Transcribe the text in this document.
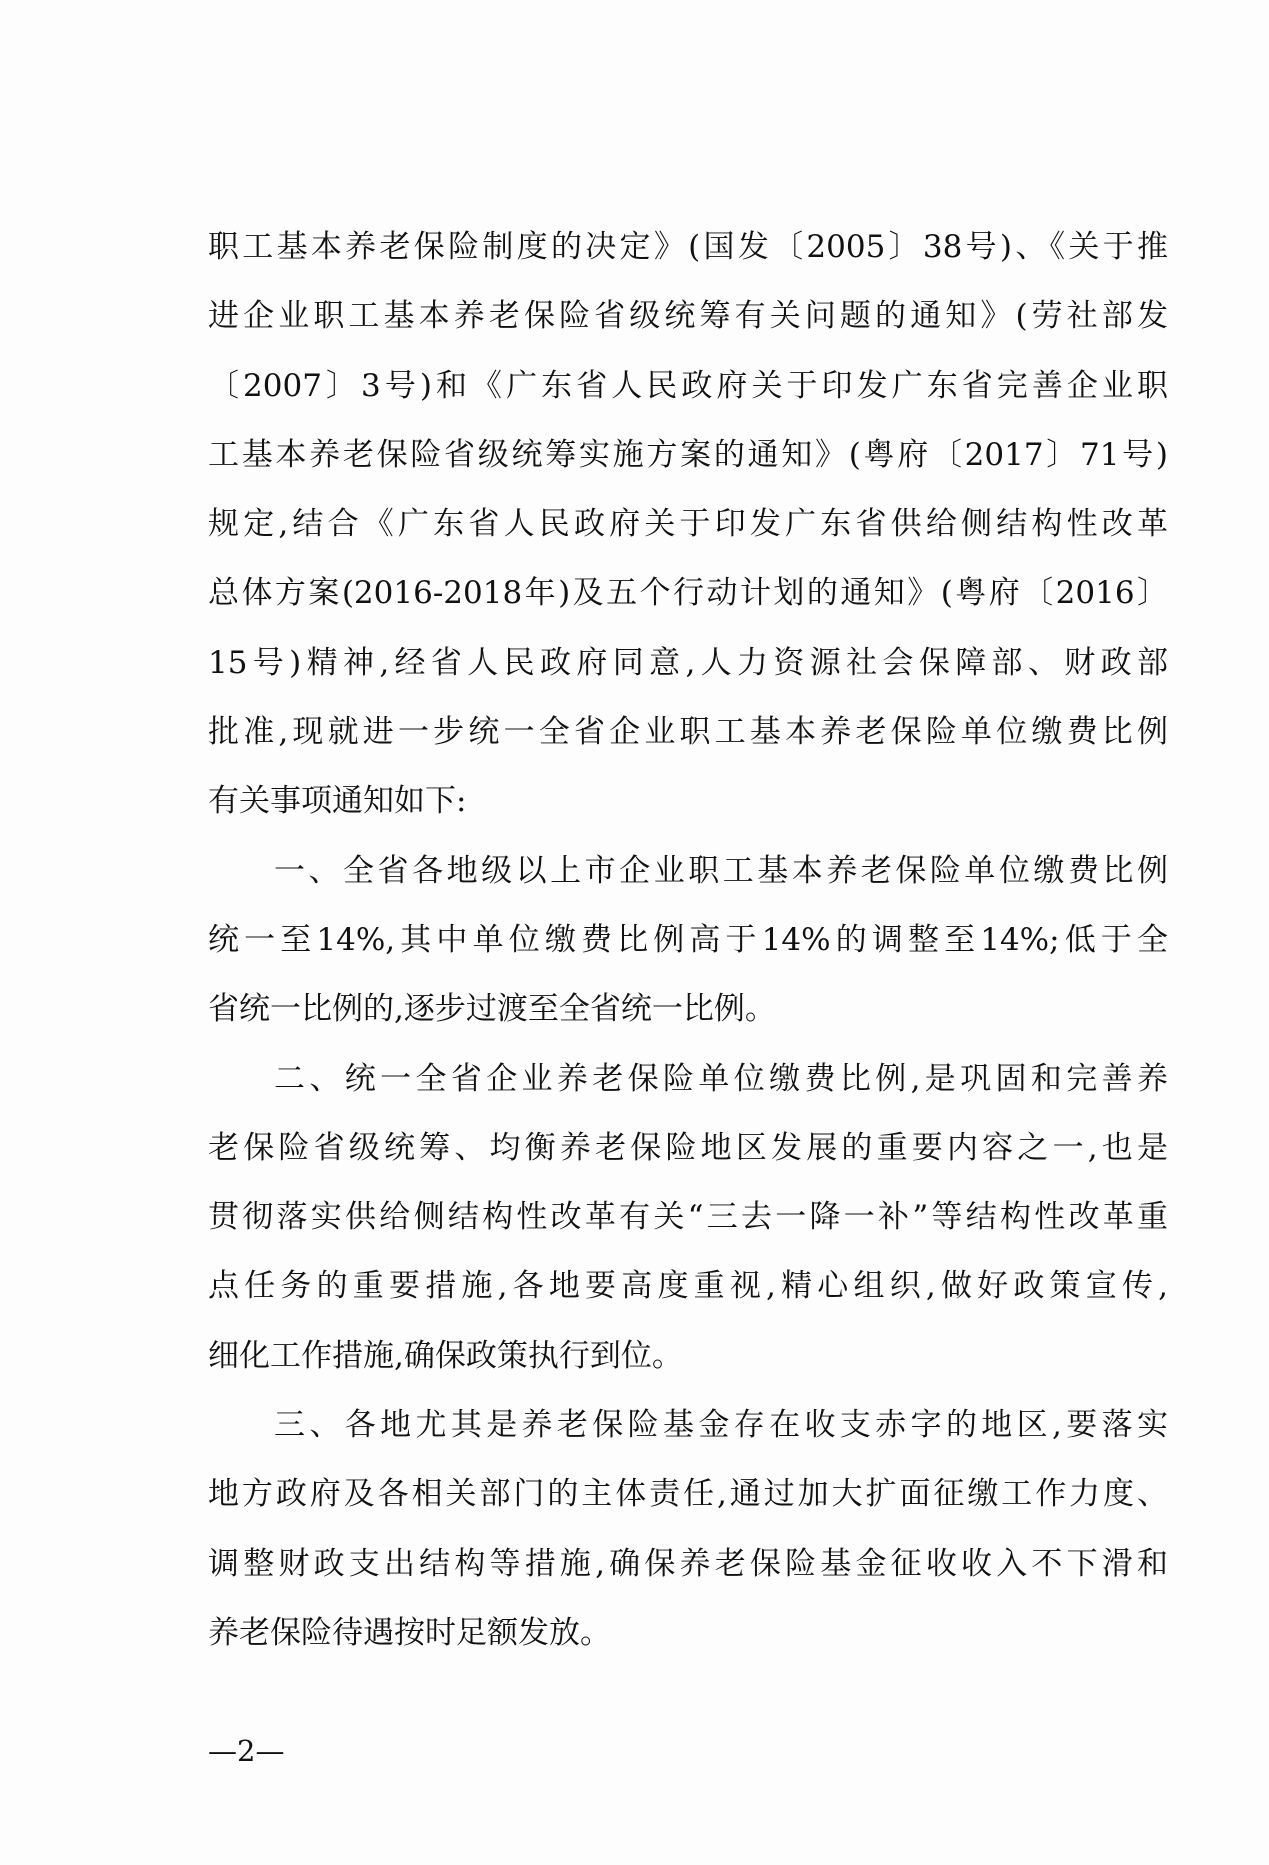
职工基本养老保险制度的决定》(国发〔2005〕38号)、《关于推
进企业职工基本养老保险省级统筹有关问题的通知》(劳社部发
〔2007〕3号)和《广东省人民政府关于印发广东省完善企业职
工基本养老保险省级统筹实施方案的通知》(粤府〔2017〕71号)
规定,结合《广东省人民政府关于印发广东省供给侧结构性改革
总体方案(2016-2018年)及五个行动计划的通知》(粤府〔2016〕
15号)精神,经省人民政府同意,人力资源社会保障部、财政部
批准,现就进一步统一全省企业职工基本养老保险单位缴费比例
有关事项通知如下:
一、全省各地级以上市企业职工基本养老保险单位缴费比例
统一至14%,其中单位缴费比例高于14%的调整至14%;低于全
省统一比例的,逐步过渡至全省统一比例。
二、统一全省企业养老保险单位缴费比例,是巩固和完善养
老保险省级统筹、均衡养老保险地区发展的重要内容之一,也是
贯彻落实供给侧结构性改革有关“三去一降一补”等结构性改革重
点任务的重要措施,各地要高度重视,精心组织,做好政策宣传,
细化工作措施,确保政策执行到位。
三、各地尤其是养老保险基金存在收支赤字的地区,要落实
地方政府及各相关部门的主体责任,通过加大扩面征缴工作力度、
调整财政支出结构等措施,确保养老保险基金征收收入不下滑和
养老保险待遇按时足额发放。
—2—
